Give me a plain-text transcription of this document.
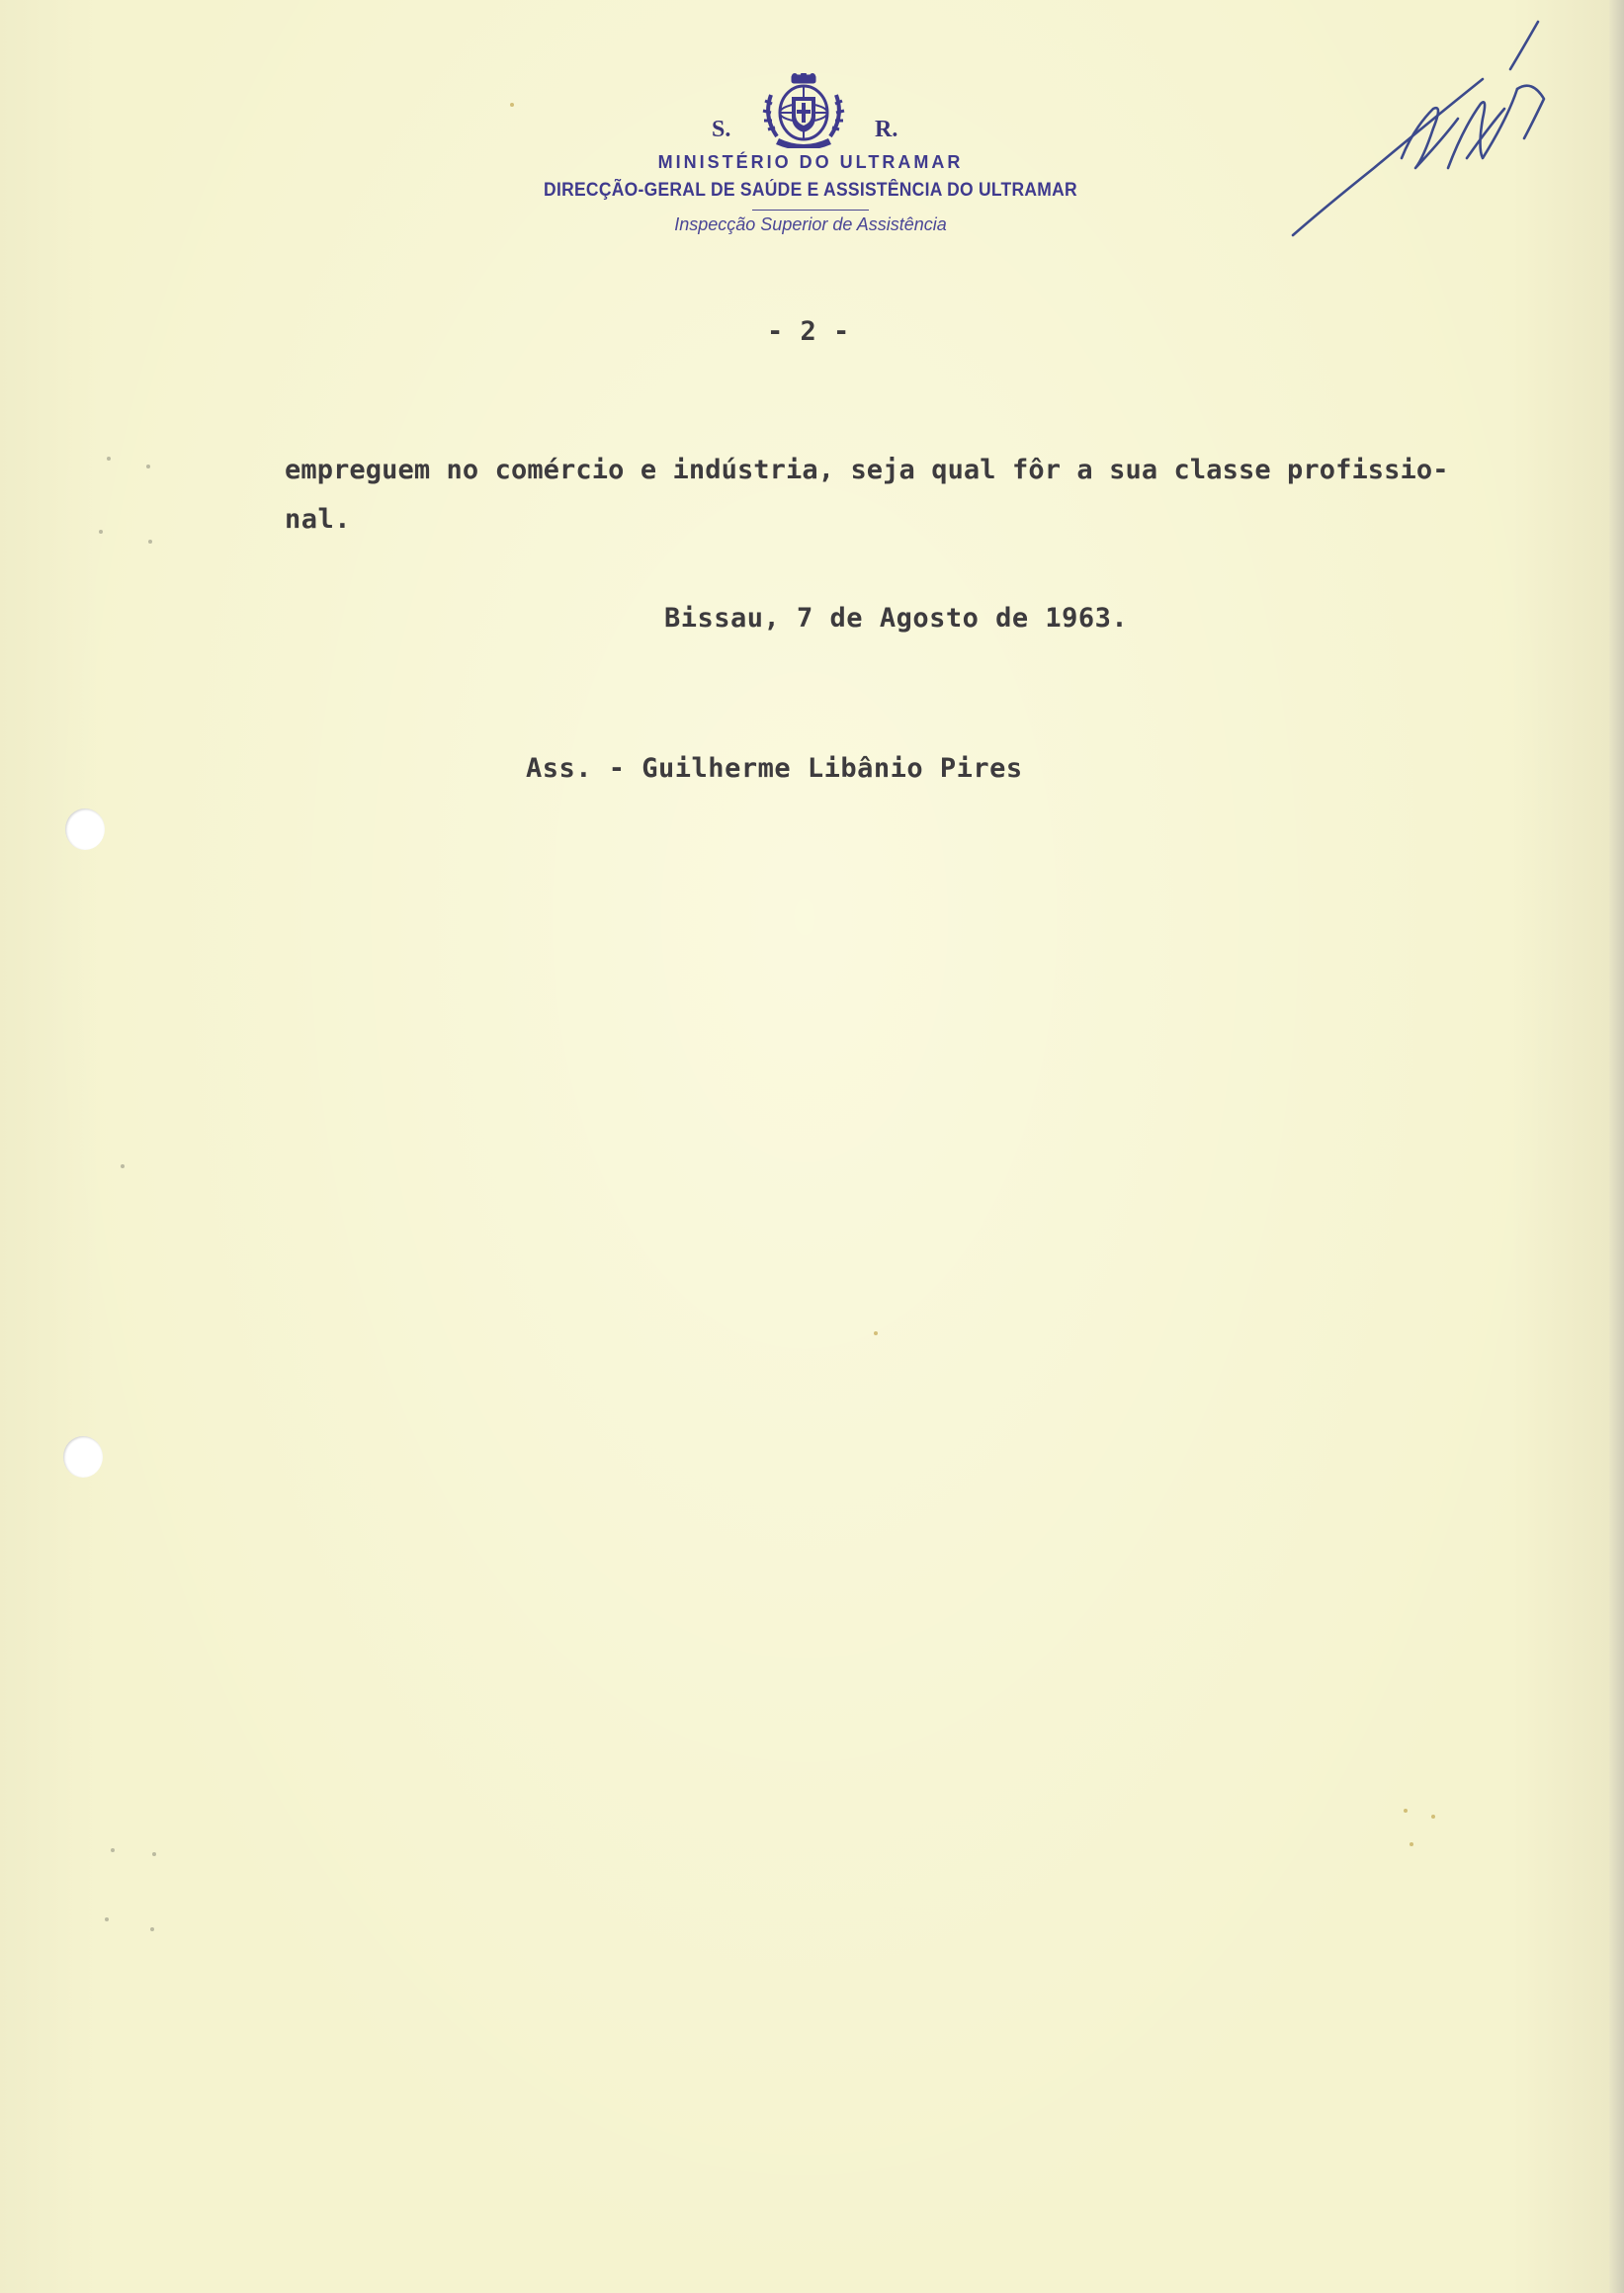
S.	R.
MINISTÉRIO DO ULTRAMAR
DIRECÇÃO-GERAL DE SAÚDE E ASSISTÊNCIA DO ULTRAMAR
Inspecção Superior de Assistência
- 2 -
empreguem no comércio e indústria, seja qual fôr a sua classe profissio-
nal.
Bissau, 7 de Agosto de 1963.
Ass. - Guilherme Libânio Pires
